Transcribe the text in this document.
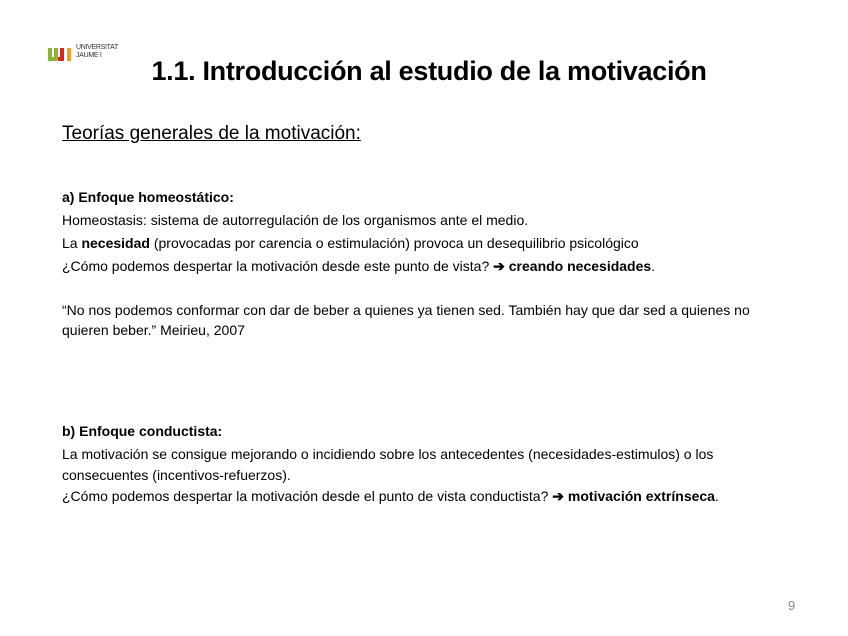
UNIVERSITAT
JAUME I
1.1. Introducción al estudio de la motivación
Teorías generales de la motivación:

a) Enfoque homeostático:

Homeostasis: sistema de autorregulación de los organismos ante el medio.

La necesidad (provocadas por carencia o estimulación) provoca un desequilibrio psicológico

¿Cómo podemos despertar la motivación desde este punto de vista? ➔ creando necesidades.

“No nos podemos conformar con dar de beber a quienes ya tienen sed. También hay que dar sed a quienes no quieren beber.” Meirieu, 2007

b) Enfoque conductista:

La motivación se consigue mejorando o incidiendo sobre los antecedentes (necesidades-estimulos) o los consecuentes (incentivos-refuerzos).

¿Cómo podemos despertar la motivación desde el punto de vista conductista? ➔ motivación extrínseca.

9
